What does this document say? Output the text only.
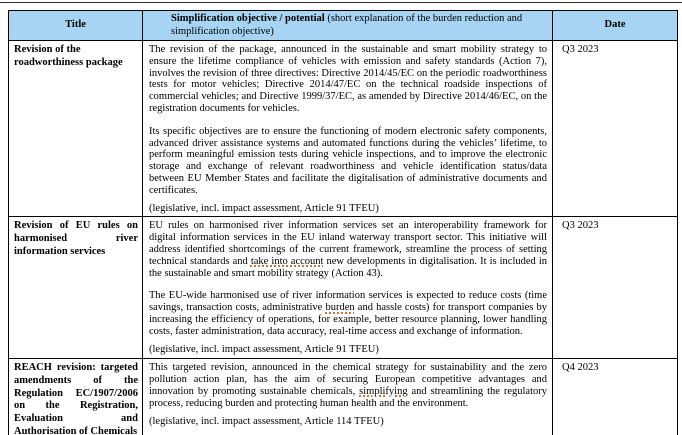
Title	Simplification objective / potential (short explanation of the burden reduction and simplification objective)	Date
Revision of the roadworthiness package	The revision of the package, announced in the sustainable and smart mobility strategy to ensure the lifetime compliance of vehicles with emission and safety standards (Action 7), involves the revision of three directives: Directive 2014/45/EC on the periodic roadworthiness tests for motor vehicles; Directive 2014/47/EC on the technical roadside inspections of commercial vehicles; and Directive 1999/37/EC, as amended by Directive 2014/46/EC, on the registration documents for vehicles.

Its specific objectives are to ensure the functioning of modern electronic safety components, advanced driver assistance systems and automated functions during the vehicles’ lifetime, to perform meaningful emission tests during vehicle inspections, and to improve the electronic storage and exchange of relevant roadworthiness and vehicle identification status/data between EU Member States and facilitate the digitalisation of administrative documents and certificates.

(legislative, incl. impact assessment, Article 91 TFEU)	Q3 2023
Revision of EU rules on harmonised river information services	EU rules on harmonised river information services set an interoperability framework for digital information services in the EU inland waterway transport sector. This initiative will address identified shortcomings of the current framework, streamline the process of setting technical standards and take into account new developments in digitalisation. It is included in the sustainable and smart mobility strategy (Action 43).

The EU-wide harmonised use of river information services is expected to reduce costs (time savings, transaction costs, administrative burden and hassle costs) for transport companies by increasing the efficiency of operations, for example, better resource planning, lower handling costs, faster administration, data accuracy, real-time access and exchange of information.

(legislative, incl. impact assessment, Article 91 TFEU)	Q3 2023
REACH revision: targeted amendments of the Regulation EC/1907/2006 on the Registration, Evaluation and Authorisation of Chemicals	This targeted revision, announced in the chemical strategy for sustainability and the zero pollution action plan, has the aim of securing European competitive advantages and innovation by promoting sustainable chemicals, simplifying and streamlining the regulatory process, reducing burden and protecting human health and the environment.

(legislative, incl. impact assessment, Article 114 TFEU)	Q4 2023
